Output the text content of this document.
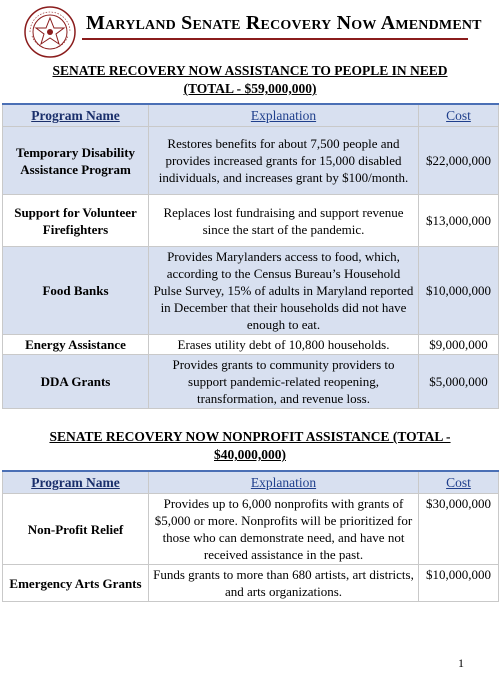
Maryland Senate Recovery Now Amendment
SENATE RECOVERY NOW ASSISTANCE TO PEOPLE IN NEED
(TOTAL - $59,000,000)
Program Name	Explanation	Cost
Temporary Disability Assistance Program	Restores benefits for about 7,500 people and provides increased grants for 15,000 disabled individuals, and increases grant by $100/month.	$22,000,000
Support for Volunteer Firefighters	Replaces lost fundraising and support revenue since the start of the pandemic.	$13,000,000
Food Banks	Provides Marylanders access to food, which, according to the Census Bureau’s Household Pulse Survey, 15% of adults in Maryland reported in December that their households did not have enough to eat.	$10,000,000
Energy Assistance	Erases utility debt of 10,800 households.	$9,000,000
DDA Grants	Provides grants to community providers to support pandemic-related reopening, transformation, and revenue loss.	$5,000,000
SENATE RECOVERY NOW NONPROFIT ASSISTANCE (TOTAL -
$40,000,000)
Program Name	Explanation	Cost
Non-Profit Relief	Provides up to 6,000 nonprofits with grants of $5,000 or more. Nonprofits will be prioritized for those who can demonstrate need, and have not received assistance in the past.	$30,000,000
Emergency Arts Grants	Funds grants to more than 680 artists, art districts, and arts organizations.	$10,000,000
1
